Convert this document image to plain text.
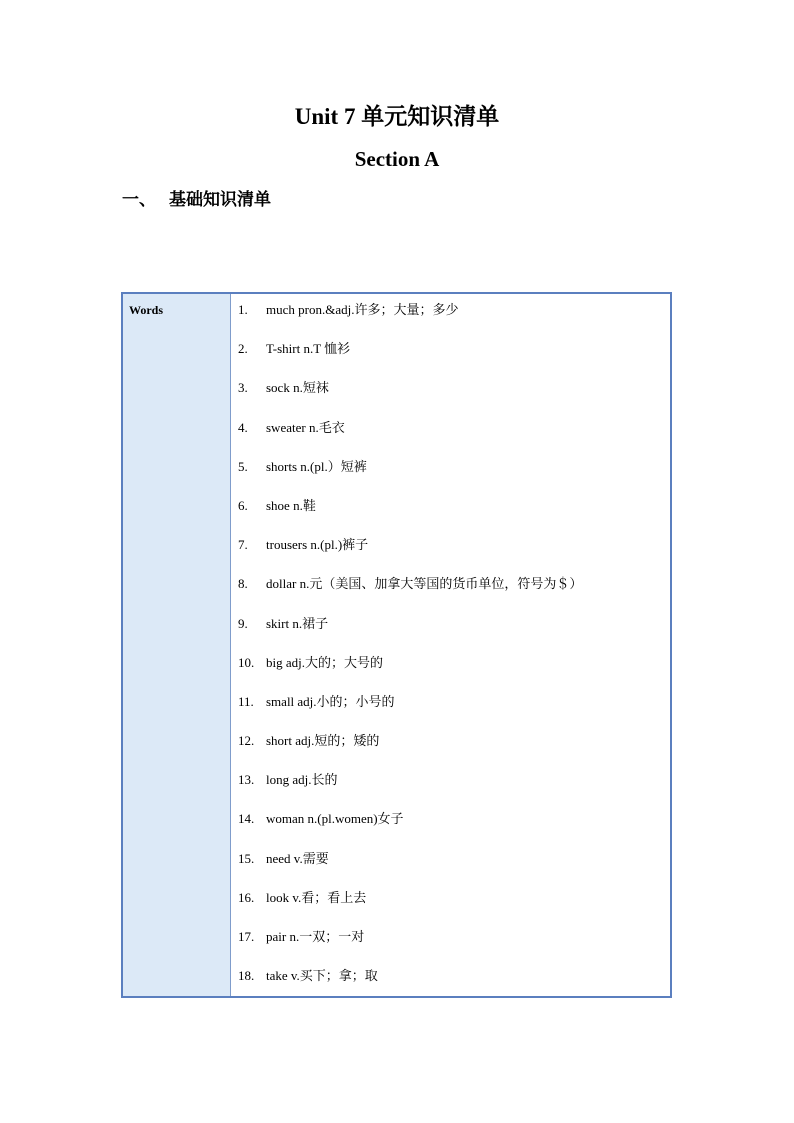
Unit 7 单元知识清单
Section A
一、 基础知识清单
Words	1.	much pron.&adj.许多；大量；多少
2.	T-shirt n.T 恤衫
3.	sock n.短袜
4.	sweater n.毛衣
5.	shorts n.(pl.）短裤
6.	shoe n.鞋
7.	trousers n.(pl.)裤子
8.	dollar n.元（美国、加拿大等国的货币单位，符号为＄）
9.	skirt n.裙子
10. big adj.大的；大号的
11. small adj.小的；小号的
12. short adj.短的；矮的
13. long adj.长的
14. woman n.(pl.women)女子
15. need v.需要
16. look v.看；看上去
17. pair n.一双；一对
18. take v.买下；拿；取
